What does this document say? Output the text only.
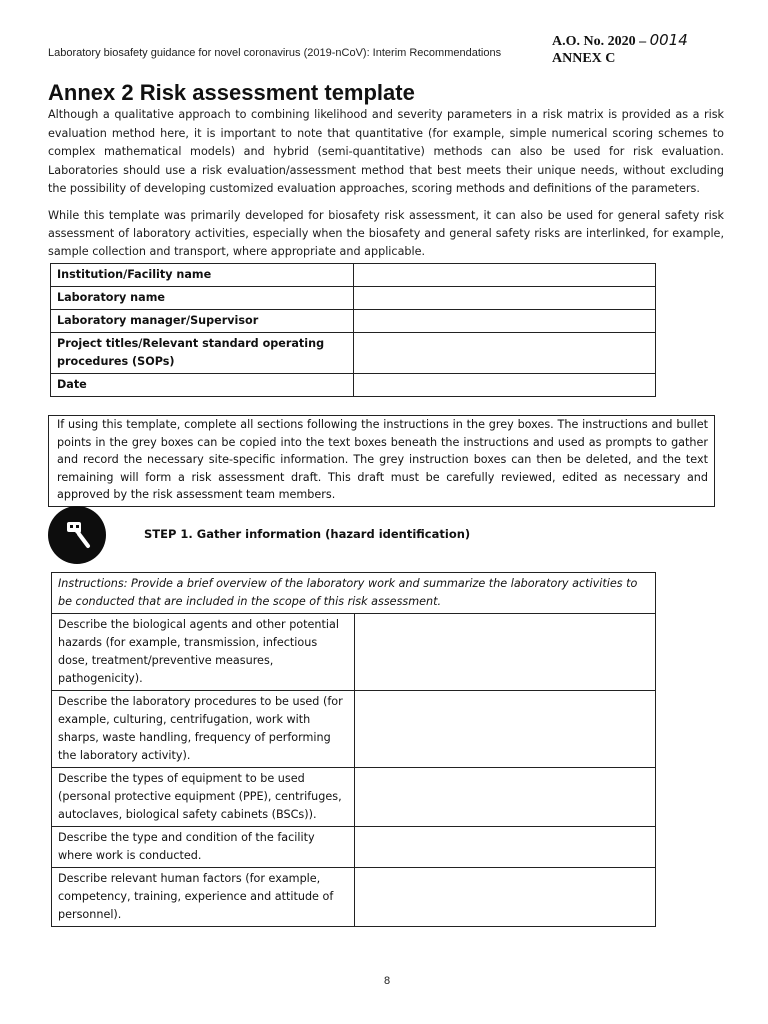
Laboratory biosafety guidance for novel coronavirus (2019-nCoV): Interim Recommendations
A.O. No. 2020 – 0014
ANNEX C
Annex 2 Risk assessment template
Although a qualitative approach to combining likelihood and severity parameters in a risk matrix is provided as a risk evaluation method here, it is important to note that quantitative (for example, simple numerical scoring schemes to complex mathematical models) and hybrid (semi-quantitative) methods can also be used for risk evaluation. Laboratories should use a risk evaluation/assessment method that best meets their unique needs, without excluding the possibility of developing customized evaluation approaches, scoring methods and definitions of the parameters.
While this template was primarily developed for biosafety risk assessment, it can also be used for general safety risk assessment of laboratory activities, especially when the biosafety and general safety risks are interlinked, for example, sample collection and transport, where appropriate and applicable.
Institution/Facility name	
Laboratory name	
Laboratory manager/Supervisor	
Project titles/Relevant standard operating procedures (SOPs)	
Date	
If using this template, complete all sections following the instructions in the grey boxes. The instructions and bullet points in the grey boxes can be copied into the text boxes beneath the instructions and used as prompts to gather and record the necessary site-specific information. The grey instruction boxes can then be deleted, and the text remaining will form a risk assessment draft. This draft must be carefully reviewed, edited as necessary and approved by the risk assessment team members.
STEP 1. Gather information (hazard identification)
Instructions: Provide a brief overview of the laboratory work and summarize the laboratory activities to be conducted that are included in the scope of this risk assessment.	
Describe the biological agents and other potential hazards (for example, transmission, infectious dose, treatment/preventive measures, pathogenicity).	
Describe the laboratory procedures to be used (for example, culturing, centrifugation, work with sharps, waste handling, frequency of performing the laboratory activity).	
Describe the types of equipment to be used (personal protective equipment (PPE), centrifuges, autoclaves, biological safety cabinets (BSCs)).	
Describe the type and condition of the facility where work is conducted.	
Describe relevant human factors (for example, competency, training, experience and attitude of personnel).	
8
